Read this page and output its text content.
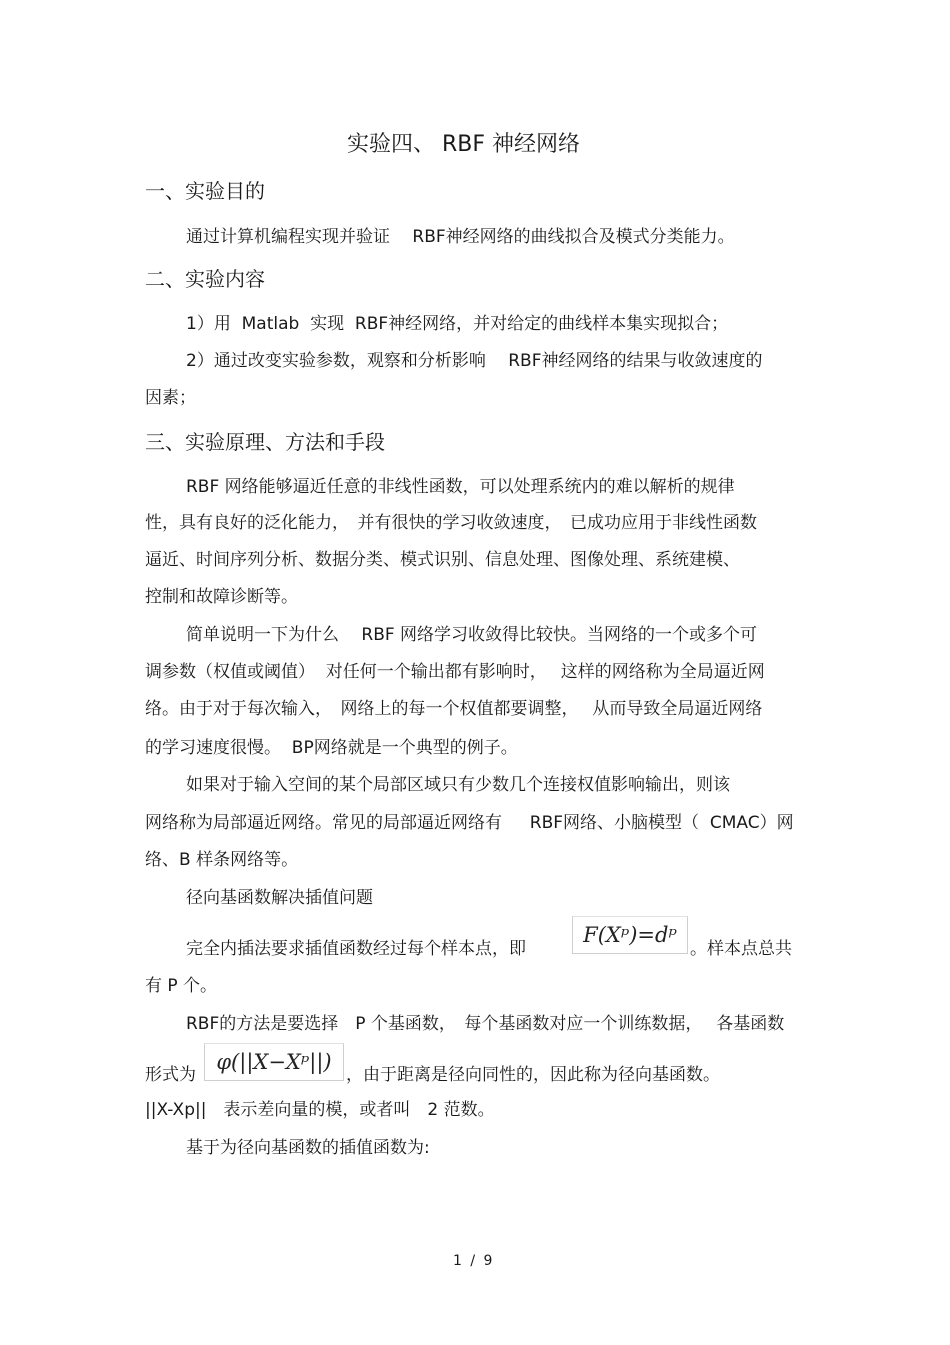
实验四、 RBF 神经网络
一、实验目的
通过计算机编程实现并验证　 RBF神经网络的曲线拟合及模式分类能力。
二、实验内容
1）用  Matlab  实现  RBF神经网络，并对给定的曲线样本集实现拟合；
2）通过改变实验参数，观察和分析影响　 RBF神经网络的结果与收敛速度的
因素；
三、实验原理、方法和手段
RBF 网络能够逼近任意的非线性函数，可以处理系统内的难以解析的规律
性，具有良好的泛化能力，　并有很快的学习收敛速度，　已成功应用于非线性函数
逼近、时间序列分析、数据分类、模式识别、信息处理、图像处理、系统建模、
控制和故障诊断等。
简单说明一下为什么　 RBF 网络学习收敛得比较快。当网络的一个或多个可
调参数（权值或阈值）  对任何一个输出都有影响时，　 这样的网络称为全局逼近网
络。由于对于每次输入，　网络上的每一个权值都要调整，　 从而导致全局逼近网络
的学习速度很慢。  BP网络就是一个典型的例子。
如果对于输入空间的某个局部区域只有少数几个连接权值影响输出，则该
网络称为局部逼近网络。常见的局部逼近网络有　  RBF网络、小脑模型（  CMAC）网
络、B 样条网络等。
径向基函数解决插值问题
完全内插法要求插值函数经过每个样本点，即
F(Xᵖ)=dᵖ
。样本点总共
有 P 个。
RBF的方法是要选择　P 个基函数，　每个基函数对应一个训练数据，　 各基函数
形式为
φ(||X−Xᵖ||)
，由于距离是径向同性的，因此称为径向基函数。
||X-Xp||　表示差向量的模，或者叫　2 范数。
基于为径向基函数的插值函数为:
1 / 9
